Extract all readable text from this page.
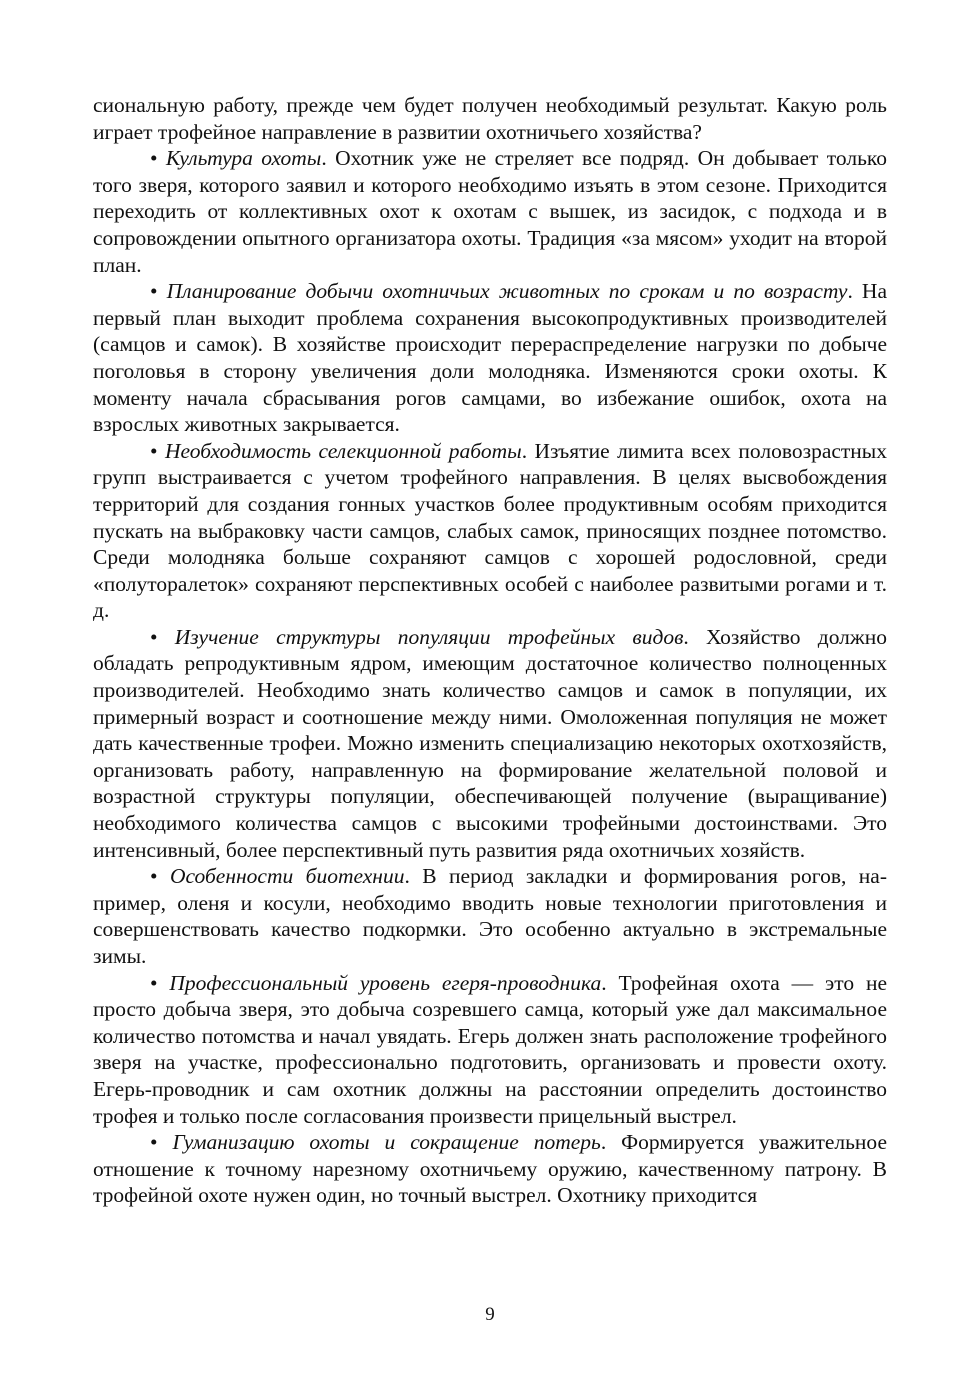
сиональную работу, прежде чем будет получен необходимый результат. Какую роль играет трофейное направление в развитии охотничьего хозяйства?

• Культура охоты. Охотник уже не стреляет все подряд. Он добывает только того зверя, которого заявил и которого необходимо изъять в этом сезоне. Приходится переходить от коллективных охот к охотам с вышек, из засидок, с подхода и в сопровождении опытного организатора охоты. Традиция «за мясом» уходит на второй план.

• Планирование добычи охотничьих животных по срокам и по возрасту. На первый план выходит проблема сохранения высокопродуктивных производителей (самцов и самок). В хозяйстве происходит перераспределение нагрузки по добыче поголовья в сторону увеличения доли молодняка. Изменяются сроки охоты. К моменту начала сбрасывания рогов самцами, во избежание ошибок, охота на взрослых животных закрывается.

• Необходимость селекционной работы. Изъятие лимита всех половозрастных групп выстраивается с учетом трофейного направления. В целях высвобождения территорий для создания гонных участков более продуктивным особям приходится пускать на выбраковку части самцов, слабых самок, приносящих позднее потомство. Среди молодняка больше сохраняют самцов с хорошей родословной, среди «полуторалеток» сохраняют перспективных особей с наиболее развитыми рогами и т. д.

• Изучение структуры популяции трофейных видов. Хозяйство должно обладать репродуктивным ядром, имеющим достаточное количество полноценных производителей. Необходимо знать количество самцов и самок в популяции, их примерный возраст и соотношение между ними. Омоложенная популяция не может дать качественные трофеи. Можно изменить специализацию некоторых охотхозяйств, организовать работу, направленную на формирование желательной половой и возрастной структуры популяции, обеспечивающей получение (выращивание) необходимого количества самцов с высокими трофейными достоинствами. Это интенсивный, более перспективный путь развития ряда охотничьих хозяйств.

• Особенности биотехнии. В период закладки и формирования рогов, например, оленя и косули, необходимо вводить новые технологии приготовления и совершенствовать качество подкормки. Это особенно актуально в экстремальные зимы.

• Профессиональный уровень егеря-проводника. Трофейная охота — это не просто добыча зверя, это добыча созревшего самца, который уже дал максимальное количество потомства и начал увядать. Егерь должен знать расположение трофейного зверя на участке, профессионально подготовить, организовать и провести охоту. Егерь-проводник и сам охотник должны на расстоянии определить достоинство трофея и только после согласования произвести прицельный выстрел.

• Гуманизацию охоты и сокращение потерь. Формируется уважительное отношение к точному нарезному охотничьему оружию, качественному патрону. В трофейной охоте нужен один, но точный выстрел. Охотнику приходится

9
